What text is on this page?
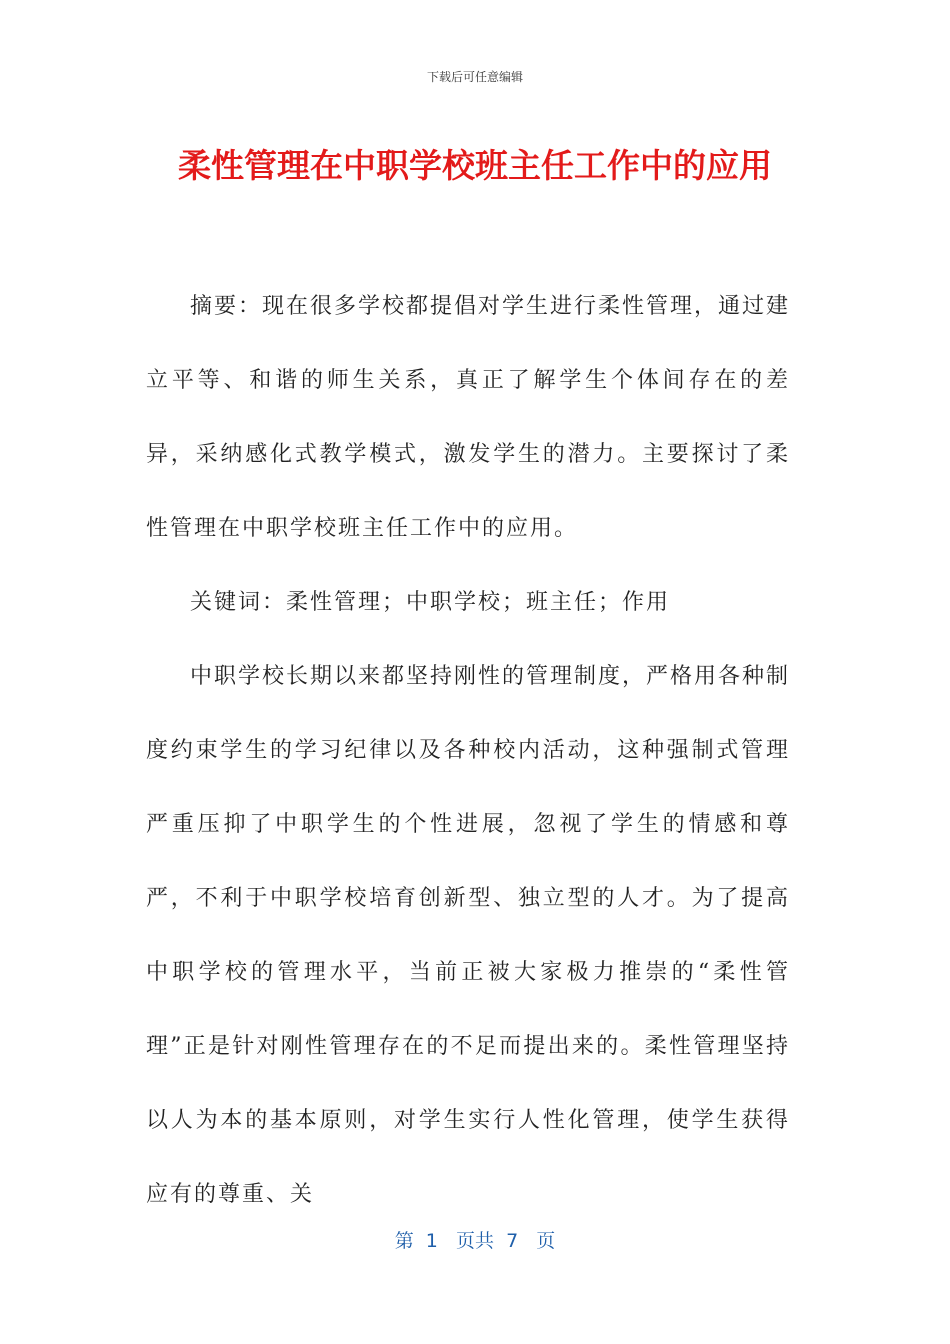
下载后可任意编辑
柔性管理在中职学校班主任工作中的应用

摘要：现在很多学校都提倡对学生进行柔性管理，通过建立平等、和谐的师生关系，真正了解学生个体间存在的差异，采纳感化式教学模式，激发学生的潜力。主要探讨了柔性管理在中职学校班主任工作中的应用。

关键词：柔性管理；中职学校；班主任；作用

中职学校长期以来都坚持刚性的管理制度，严格用各种制度约束学生的学习纪律以及各种校内活动，这种强制式管理严重压抑了中职学生的个性进展，忽视了学生的情感和尊严，不利于中职学校培育创新型、独立型的人才。为了提高中职学校的管理水平，当前正被大家极力推崇的“柔性管理”正是针对刚性管理存在的不足而提出来的。柔性管理坚持以人为本的基本原则，对学生实行人性化管理，使学生获得应有的尊重、关

第  1   页共  7   页
